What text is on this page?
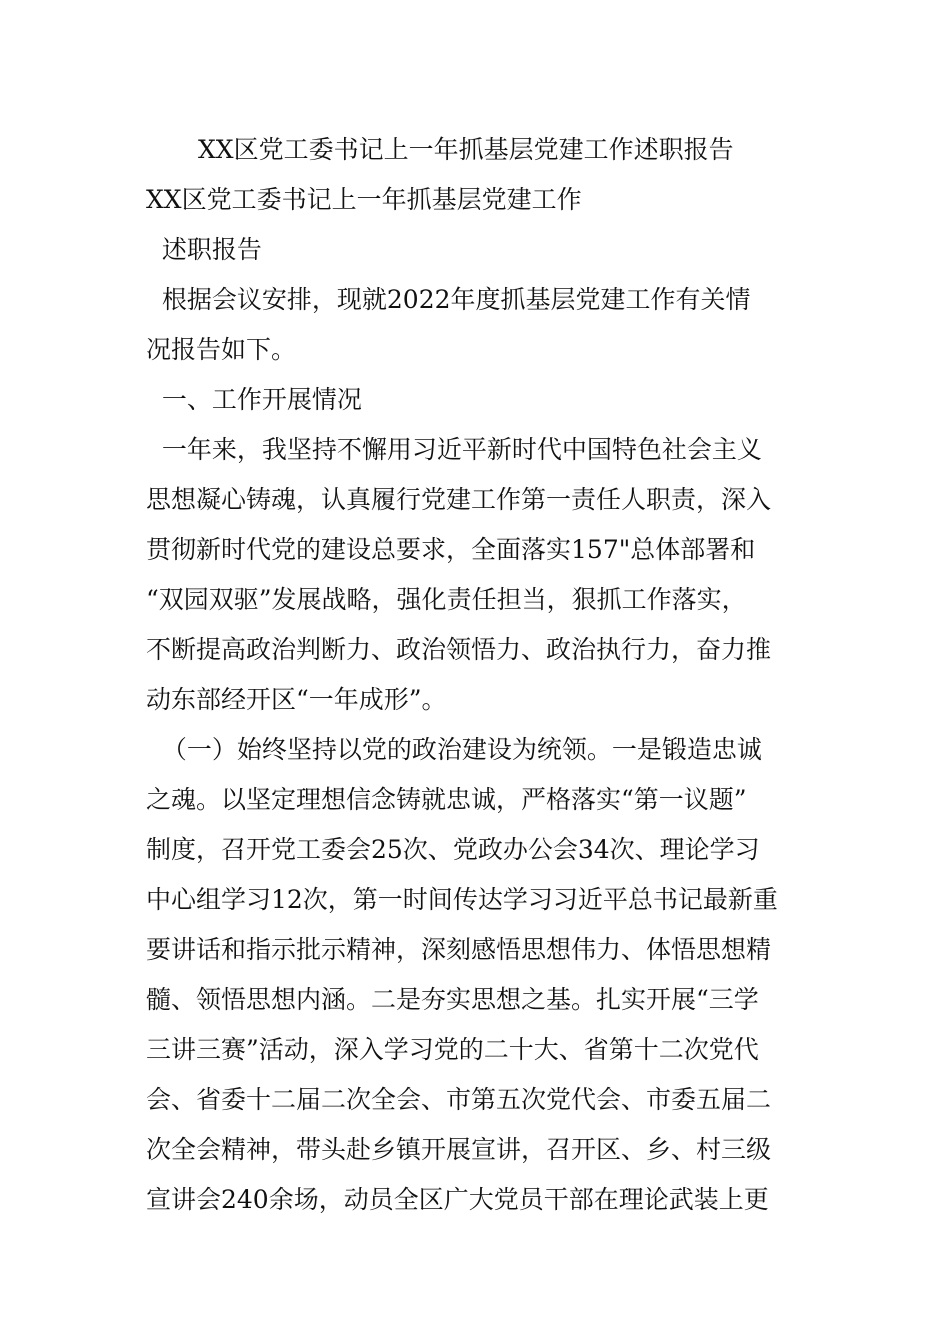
XX区党工委书记上一年抓基层党建工作述职报告
XX区党工委书记上一年抓基层党建工作
述职报告
根据会议安排，现就2022年度抓基层党建工作有关情
况报告如下。
一、工作开展情况
一年来，我坚持不懈用习近平新时代中国特色社会主义
思想凝心铸魂，认真履行党建工作第一责任人职责，深入
贯彻新时代党的建设总要求，全面落实157"总体部署和
“双园双驱”发展战略，强化责任担当，狠抓工作落实，
不断提高政治判断力、政治领悟力、政治执行力，奋力推
动东部经开区“一年成形”。
（一）始终坚持以党的政治建设为统领。一是锻造忠诚
之魂。以坚定理想信念铸就忠诚，严格落实“第一议题”
制度，召开党工委会25次、党政办公会34次、理论学习
中心组学习12次，第一时间传达学习习近平总书记最新重
要讲话和指示批示精神，深刻感悟思想伟力、体悟思想精
髓、领悟思想内涵。二是夯实思想之基。扎实开展“三学
三讲三赛”活动，深入学习党的二十大、省第十二次党代
会、省委十二届二次全会、市第五次党代会、市委五届二
次全会精神，带头赴乡镇开展宣讲，召开区、乡、村三级
宣讲会240余场，动员全区广大党员干部在理论武装上更
